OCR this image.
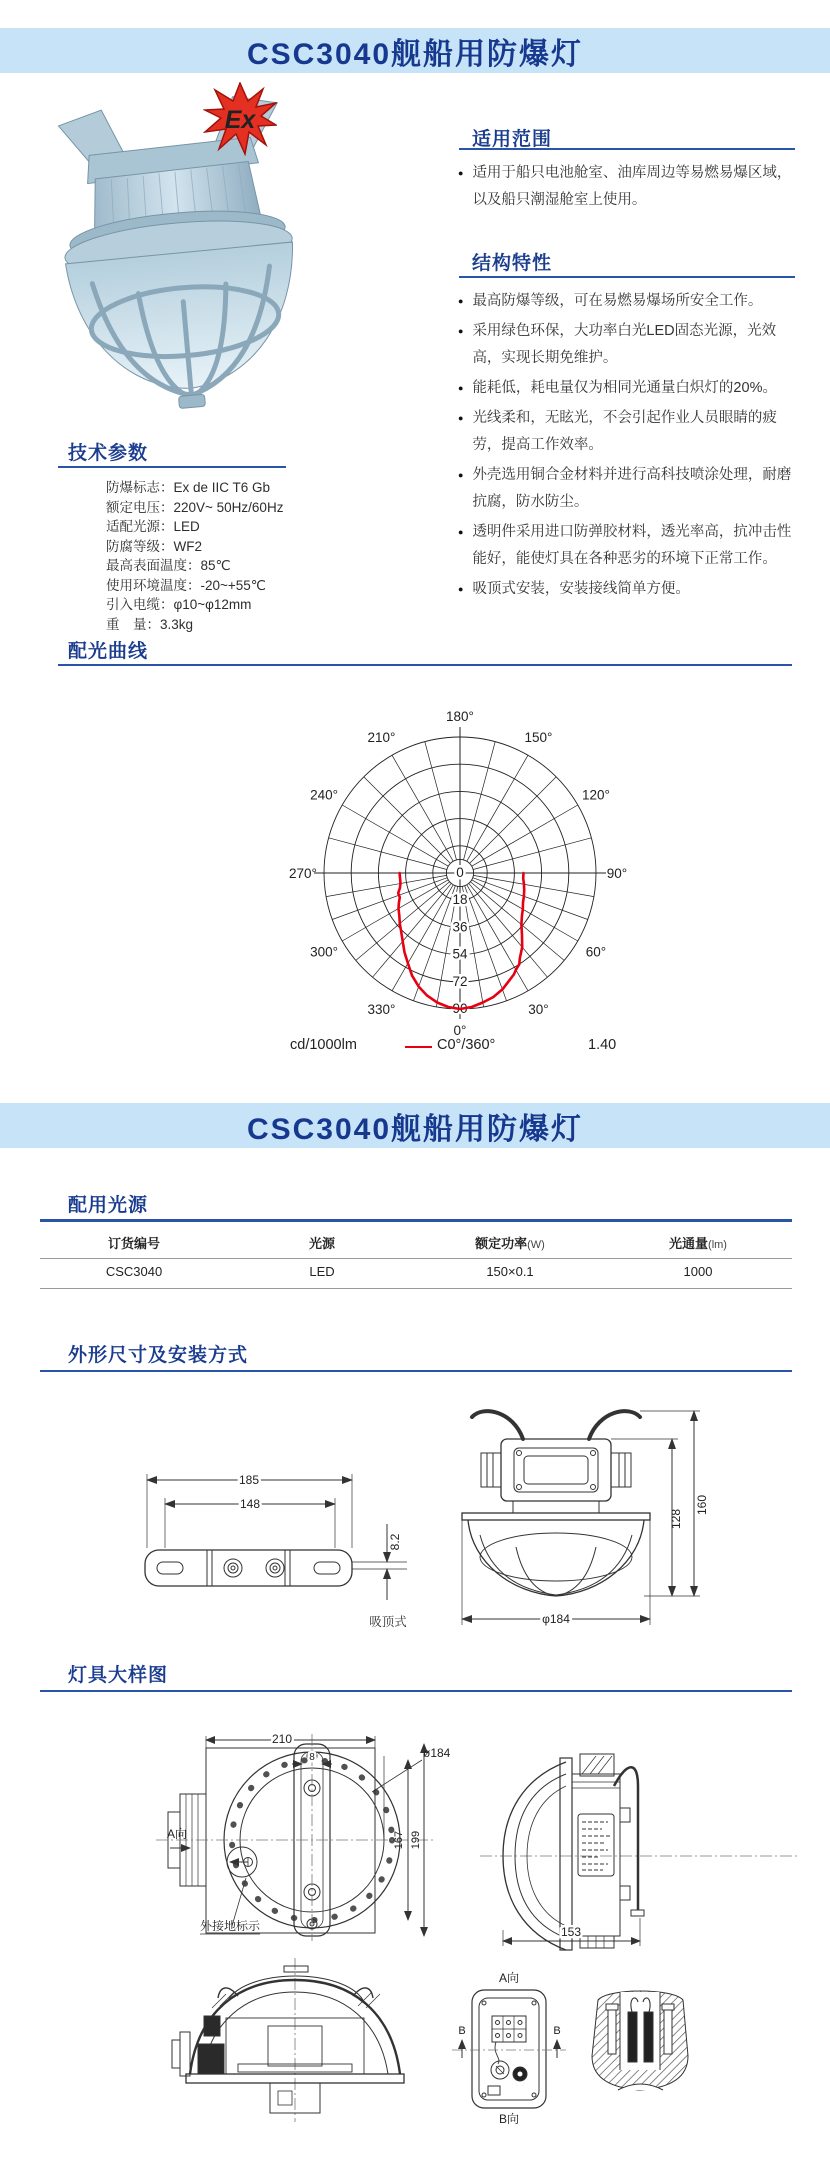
CSC3040舰船用防爆灯
Ex
适用范围
● 适用于船只电池舱室、油库周边等易燃易爆区域，以及船只潮湿舱室上使用。
结构特性
● 最高防爆等级，可在易燃易爆场所安全工作。
● 采用绿色环保，大功率白光LED固态光源，光效高，实现长期免维护。
● 能耗低，耗电量仅为相同光通量白炽灯的20%。
● 光线柔和，无眩光，不会引起作业人员眼睛的疲劳，提高工作效率。
● 外壳选用铜合金材料并进行高科技喷涂处理，耐磨抗腐，防水防尘。
● 透明件采用进口防弹胶材料，透光率高，抗冲击性能好，能使灯具在各种恶劣的环境下正常工作。
● 吸顶式安装，安装接线简单方便。
技术参数
防爆标志：Ex de IIC T6 Gb
额定电压：220V~ 50Hz/60Hz
适配光源：LED
防腐等级：WF2
最高表面温度：85℃
使用环境温度：-20~+55℃
引入电缆：φ10~φ12mm
重　量：3.3kg
配光曲线
0°
30°
60°
90°
120°
150°
180°
210°
240°
270°
300°
330°
0
18
36
54
72
90
cd/1000lm	C0°/360°	1.40
CSC3040舰船用防爆灯
配用光源
订货编号	光源	额定功率(W)	光通量(lm)
CSC3040	LED	150×0.1	1000
外形尺寸及安装方式
185
148
8.2
128
160
φ184
吸顶式
灯具大样图
210
8	ø184
A向
外接地标示
167 199
153
A向
B	B
B向
